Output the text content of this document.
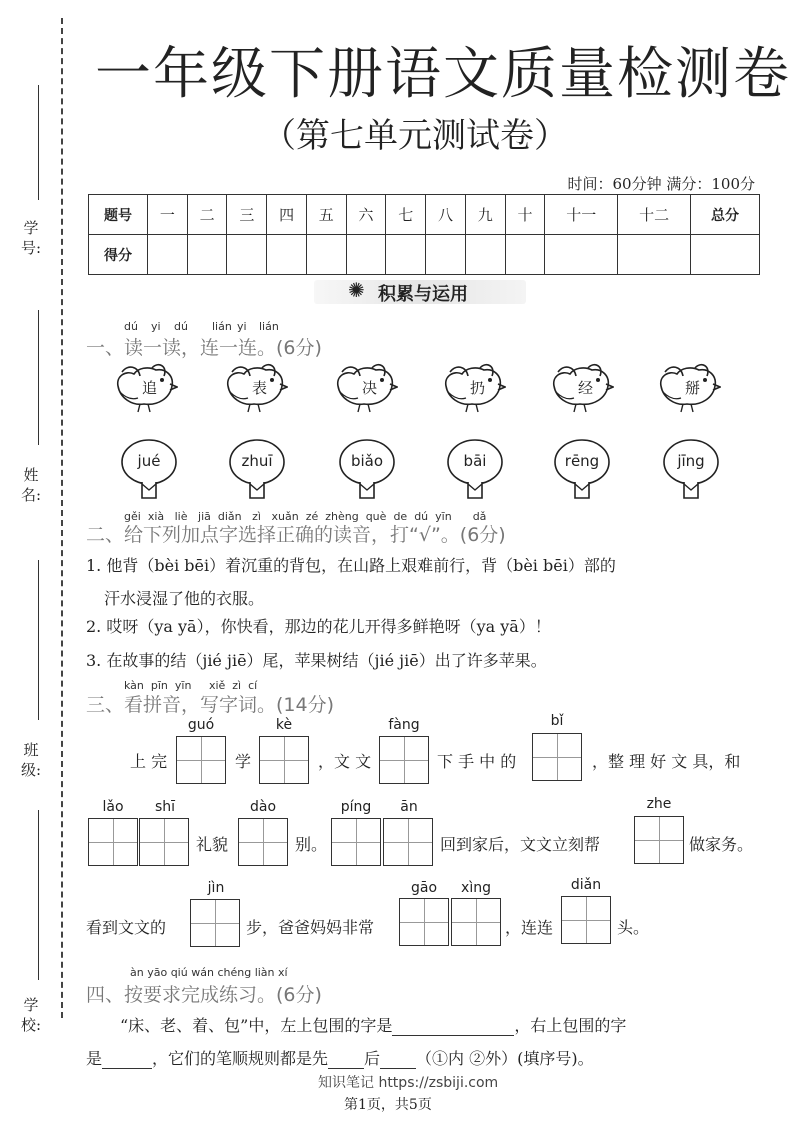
学号:
姓名:
班级:
学校:
一年级下册语文质量检测卷
（第七单元测试卷）
时间：60分钟 满分：100分
题号	一	二	三	四	五	六	七	八	九	十	十一	十二	总分
得分													
✺ 积累与运用
dú yi dú lián yi lián
一、读一读，连一连。(6分)
追	表	决	扔	经	掰
jué	zhuī	biǎo	bāi	rēng	jīng
gěi xià liè jiā diǎn zì xuǎn zé zhèng què de dú yīn dǎ
二、给下列加点字选择正确的读音，打“√”。(6分)
1. 他背（bèi bēi）着沉重的背包，在山路上艰难前行，背（bèi bēi）部的
汗水浸湿了他的衣服。
2. 哎呀（ya yā），你快看，那边的花儿开得多鲜艳呀（ya yā）！
3. 在故事的结（jié jiē）尾，苹果树结（jié jiē）出了许多苹果。
kàn pīn yīn xiě zì cí
三、看拼音，写字词。(14分)
上 完
guó
学
kè
，文 文
fàng
下 手 中 的
bǐ
，整 理 好 文 具，和
lǎo	shī
礼貌
dào
别。
píng	ān
回到家后，文文立刻帮
zhe
做家务。
看到文文的
jìn
步，爸爸妈妈非常
gāo	xìng
，连连
diǎn
头。
àn yāo qiú wán chéng liàn xí
四、按要求完成练习。(6分)
“床、老、着、包”中，左上包围的字是	，右上包围的字
是	，它们的笔顺规则都是先 后 （①内 ②外）(填序号)。
知识笔记 https://zsbiji.com
第1页，共5页
